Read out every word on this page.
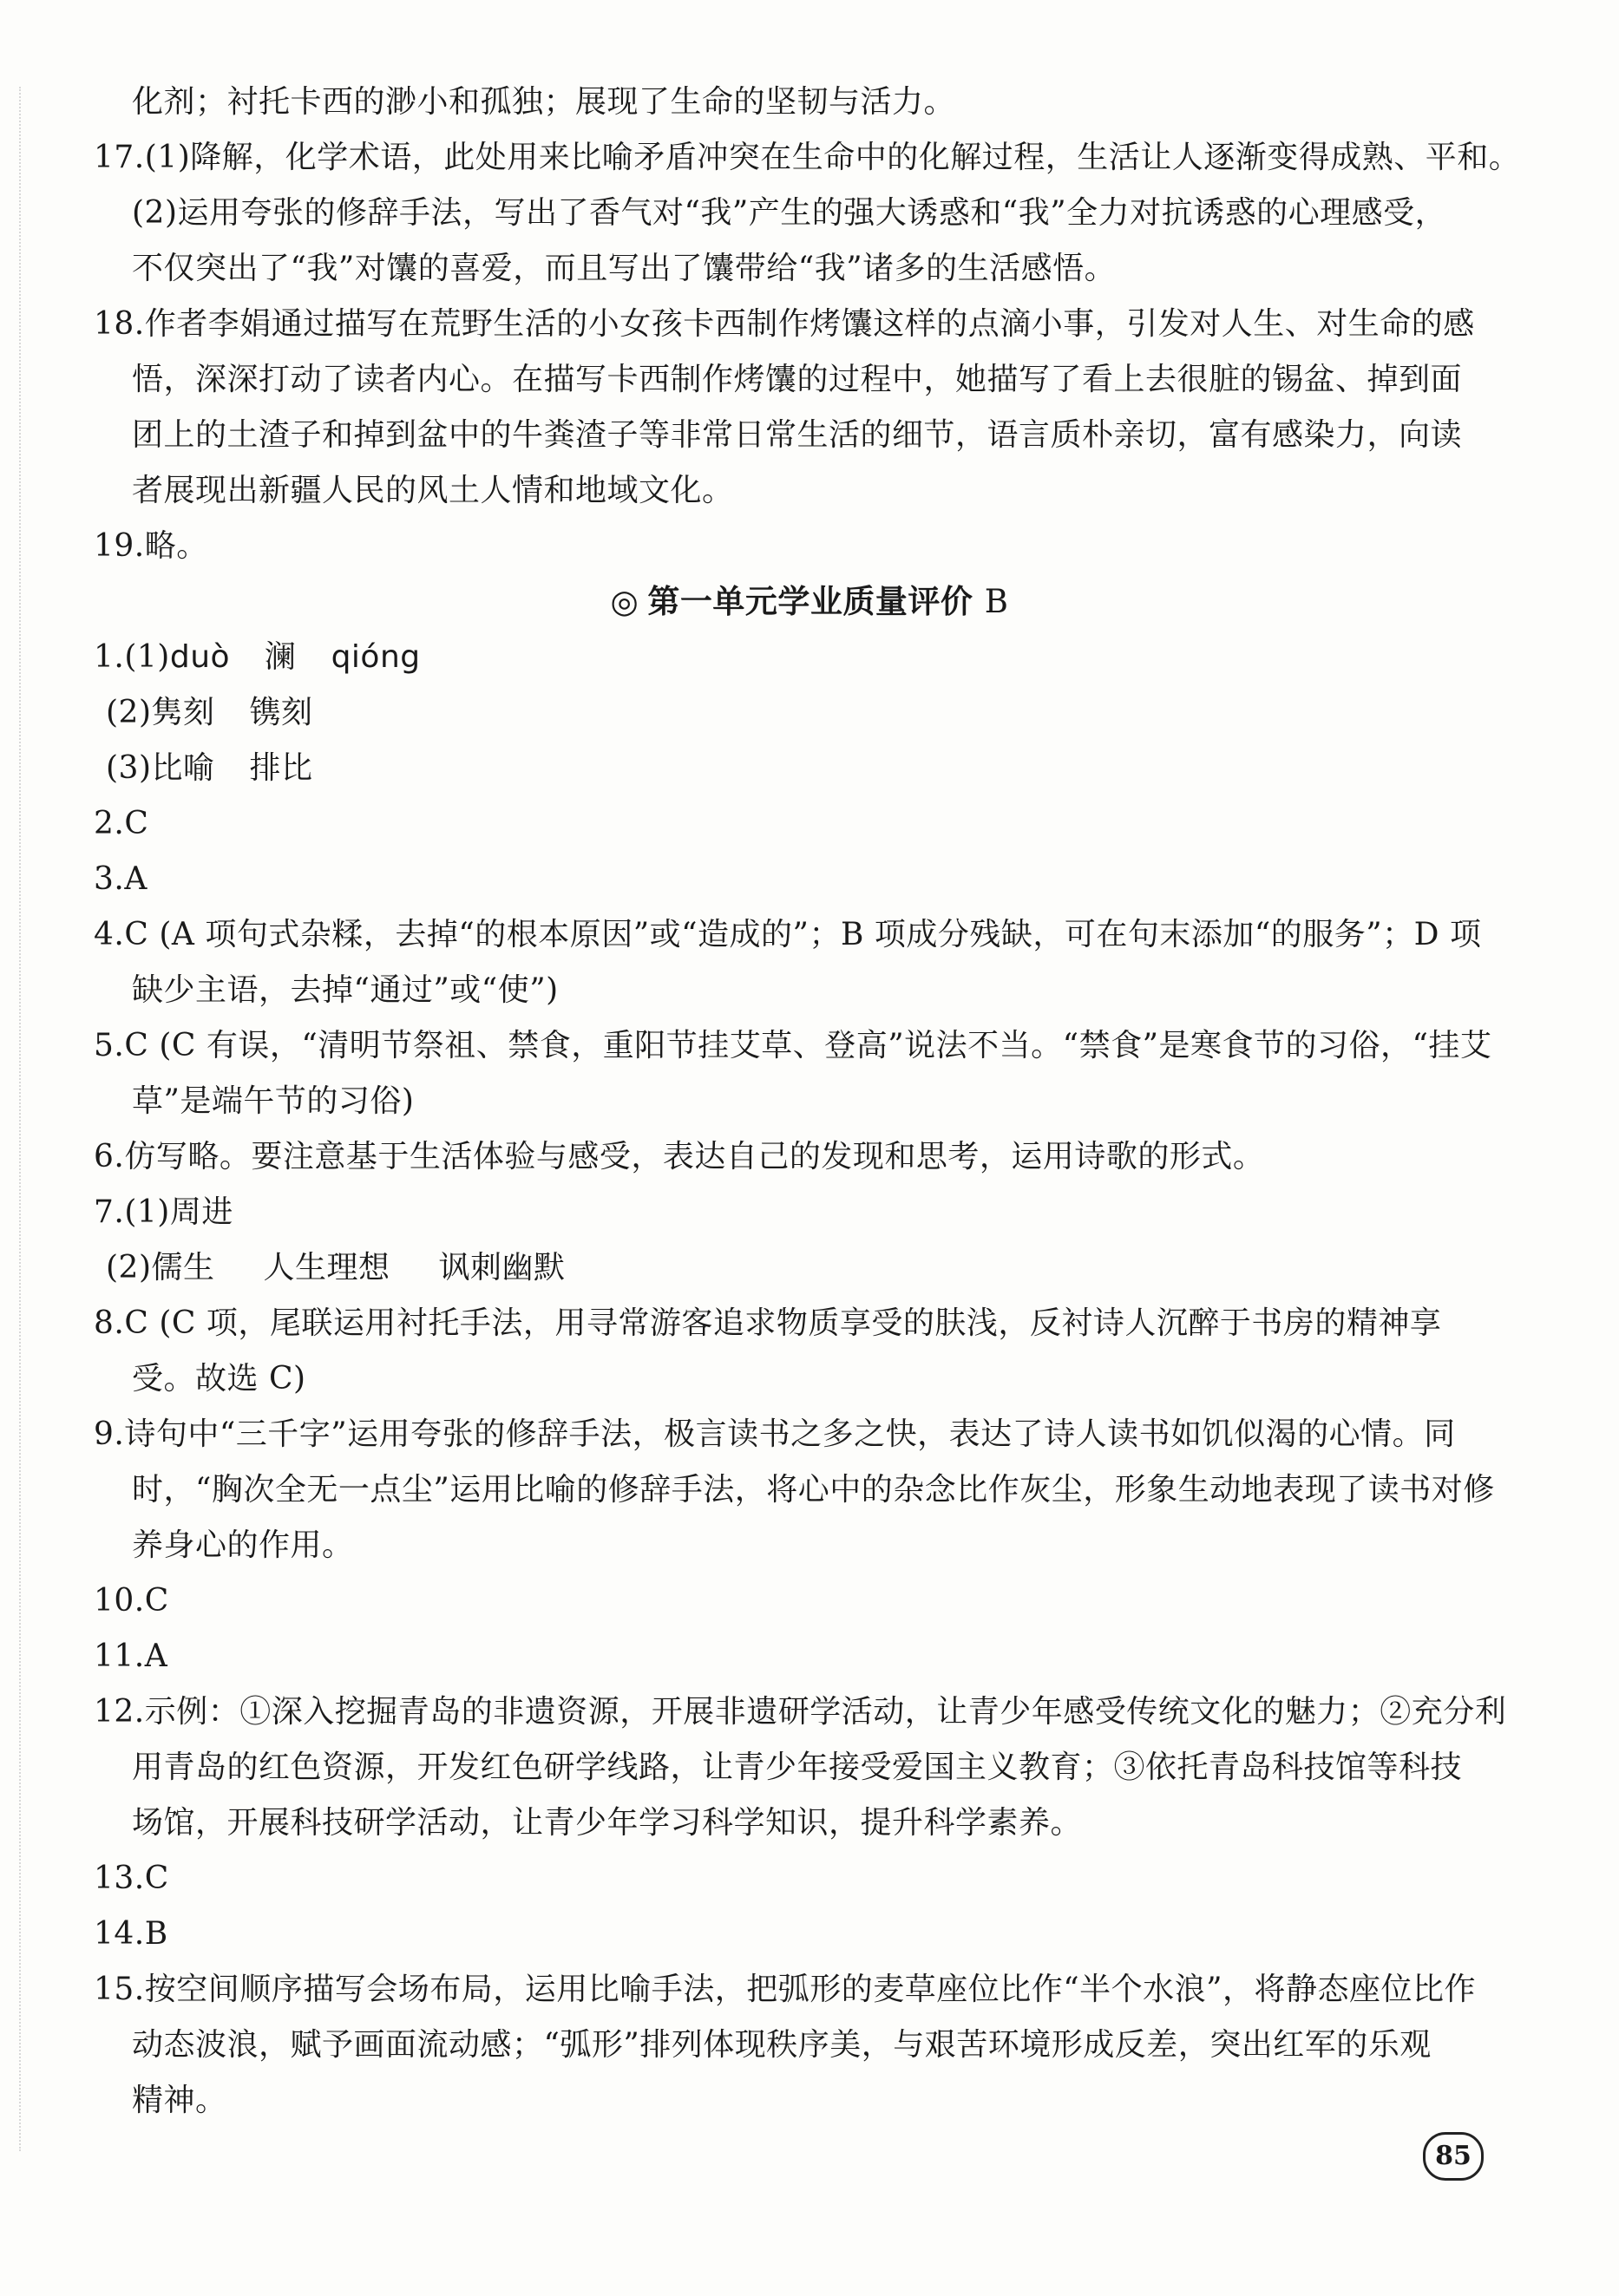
化剂；衬托卡西的渺小和孤独；展现了生命的坚韧与活力。
17.(1)降解，化学术语，此处用来比喻矛盾冲突在生命中的化解过程，生活让人逐渐变得成熟、平和。
(2)运用夸张的修辞手法，写出了香气对“我”产生的强大诱惑和“我”全力对抗诱惑的心理感受，
不仅突出了“我”对馕的喜爱，而且写出了馕带给“我”诸多的生活感悟。
18.作者李娟通过描写在荒野生活的小女孩卡西制作烤馕这样的点滴小事，引发对人生、对生命的感
悟，深深打动了读者内心。在描写卡西制作烤馕的过程中，她描写了看上去很脏的锡盆、掉到面
团上的土渣子和掉到盆中的牛粪渣子等非常日常生活的细节，语言质朴亲切，富有感染力，向读
者展现出新疆人民的风土人情和地域文化。
19.略。
◎ 第一单元学业质量评价 B
1.(1)duò 澜 qióng
(2)隽刻 镌刻
(3)比喻 排比
2.C
3.A
4.C (A 项句式杂糅，去掉“的根本原因”或“造成的”；B 项成分残缺，可在句末添加“的服务”；D 项
缺少主语，去掉“通过”或“使”)
5.C (C 有误，“清明节祭祖、禁食，重阳节挂艾草、登高”说法不当。“禁食”是寒食节的习俗，“挂艾
草”是端午节的习俗)
6.仿写略。要注意基于生活体验与感受，表达自己的发现和思考，运用诗歌的形式。
7.(1)周进
(2)儒生 人生理想 讽刺幽默
8.C (C 项，尾联运用衬托手法，用寻常游客追求物质享受的肤浅，反衬诗人沉醉于书房的精神享
受。故选 C)
9.诗句中“三千字”运用夸张的修辞手法，极言读书之多之快，表达了诗人读书如饥似渴的心情。同
时，“胸次全无一点尘”运用比喻的修辞手法，将心中的杂念比作灰尘，形象生动地表现了读书对修
养身心的作用。
10.C
11.A
12.示例：①深入挖掘青岛的非遗资源，开展非遗研学活动，让青少年感受传统文化的魅力；②充分利
用青岛的红色资源，开发红色研学线路，让青少年接受爱国主义教育；③依托青岛科技馆等科技
场馆，开展科技研学活动，让青少年学习科学知识，提升科学素养。
13.C
14.B
15.按空间顺序描写会场布局，运用比喻手法，把弧形的麦草座位比作“半个水浪”，将静态座位比作
动态波浪，赋予画面流动感；“弧形”排列体现秩序美，与艰苦环境形成反差，突出红军的乐观
精神。
85
